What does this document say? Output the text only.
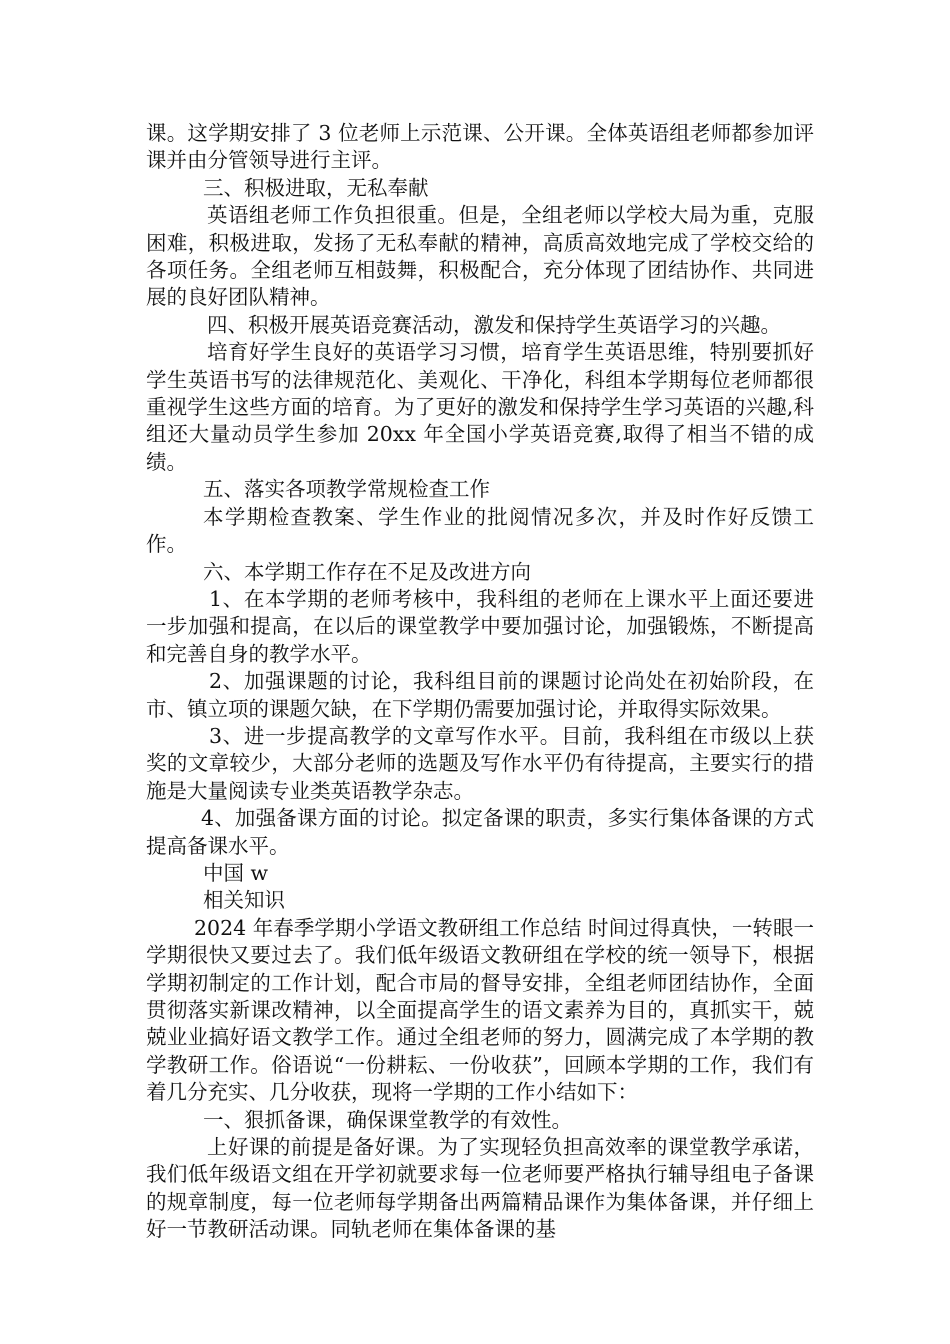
课。这学期安排了 3 位老师上示范课、公开课。全体英语组老师都参加评课并由分管领导进行主评。

三、积极进取，无私奉献

英语组老师工作负担很重。但是，全组老师以学校大局为重，克服困难，积极进取，发扬了无私奉献的精神，高质高效地完成了学校交给的各项任务。全组老师互相鼓舞，积极配合，充分体现了团结协作、共同进展的良好团队精神。

四、积极开展英语竞赛活动，激发和保持学生英语学习的兴趣。

培育好学生良好的英语学习习惯，培育学生英语思维，特别要抓好学生英语书写的法律规范化、美观化、干净化，科组本学期每位老师都很重视学生这些方面的培育。为了更好的激发和保持学生学习英语的兴趣,科组还大量动员学生参加 20xx 年全国小学英语竞赛,取得了相当不错的成绩。

五、落实各项教学常规检查工作

本学期检查教案、学生作业的批阅情况多次，并及时作好反馈工作。

六、本学期工作存在不足及改进方向

1、在本学期的老师考核中，我科组的老师在上课水平上面还要进一步加强和提高，在以后的课堂教学中要加强讨论，加强锻炼，不断提高和完善自身的教学水平。

2、加强课题的讨论，我科组目前的课题讨论尚处在初始阶段，在市、镇立项的课题欠缺，在下学期仍需要加强讨论，并取得实际效果。

3、进一步提高教学的文章写作水平。目前，我科组在市级以上获奖的文章较少，大部分老师的选题及写作水平仍有待提高，主要实行的措施是大量阅读专业类英语教学杂志。

4、加强备课方面的讨论。拟定备课的职责，多实行集体备课的方式提高备课水平。

中国 w

相关知识

2024 年春季学期小学语文教研组工作总结 时间过得真快，一转眼一学期很快又要过去了。我们低年级语文教研组在学校的统一领导下，根据学期初制定的工作计划，配合市局的督导安排，全组老师团结协作，全面贯彻落实新课改精神，以全面提高学生的语文素养为目的，真抓实干，兢兢业业搞好语文教学工作。通过全组老师的努力，圆满完成了本学期的教学教研工作。俗语说“一份耕耘、一份收获”，回顾本学期的工作，我们有着几分充实、几分收获，现将一学期的工作小结如下：

一、狠抓备课，确保课堂教学的有效性。

上好课的前提是备好课。为了实现轻负担高效率的课堂教学承诺，我们低年级语文组在开学初就要求每一位老师要严格执行辅导组电子备课的规章制度，每一位老师每学期备出两篇精品课作为集体备课，并仔细上好一节教研活动课。同轨老师在集体备课的基
